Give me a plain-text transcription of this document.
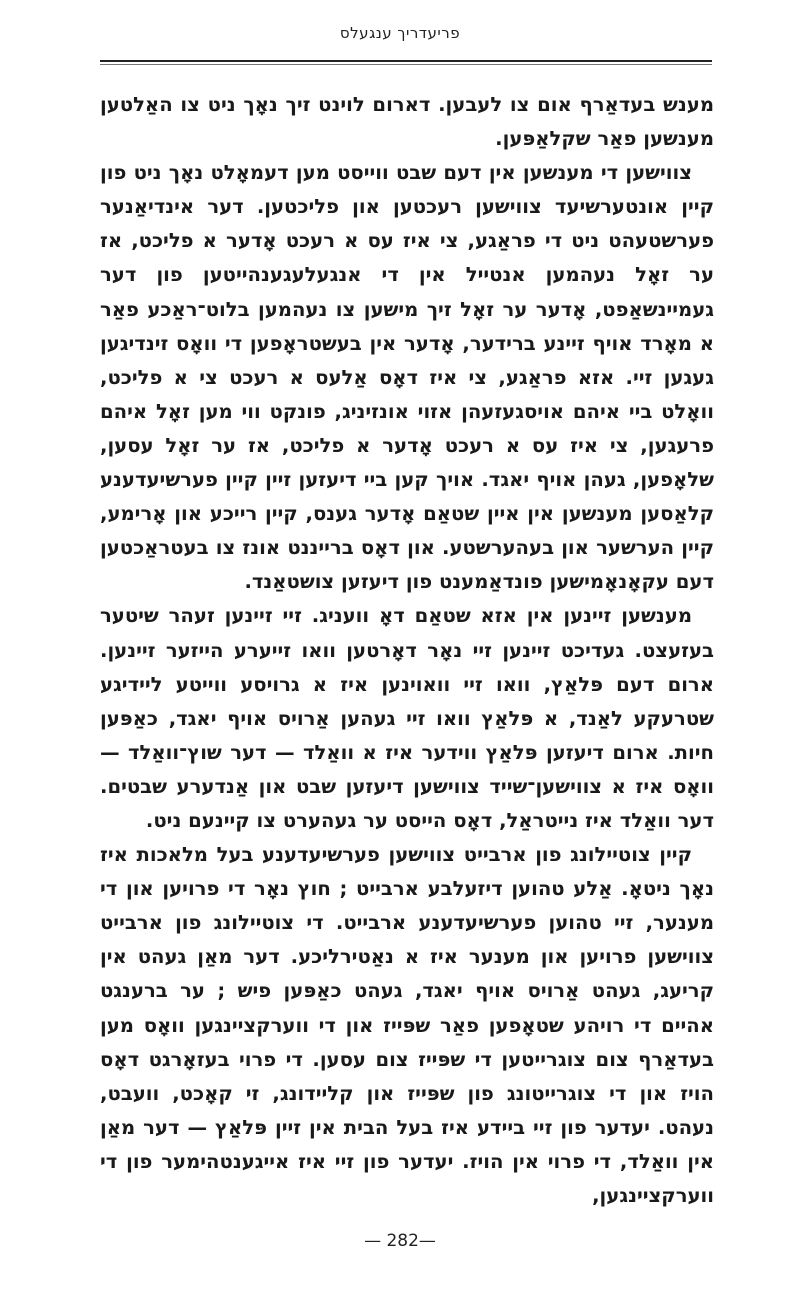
פריעדריך ענגעלס

מענש בעדאַרף אום צו לעבען. דארום לוינט זיך נאָך ניט צו האַלטען מענשען פאַר שקלאַפּען.

צווישען די מענשען אין דעם שבט ווייסט מען דעמאָלט נאָך ניט פון קיין אונטערשיעד צווישען רעכטען און פליכטען. דער אינדיאַנער פערשטעהט ניט די פראַגע, צי איז עס א רעכט אָדער א פליכט, אז ער זאָל נעהמען אנטייל אין די אנגעלעגענהייטען פון דער געמיינשאַפט, אָדער ער זאָל זיך מישען צו נעהמען בלוט־ראַכע פאַר א מאָרד אויף זיינע ברידער, אָדער אין בעשטראָפען די וואָס זינדיגען געגען זיי. אזא פראַגע, צי איז דאָס אַלעס א רעכט צי א פליכט, וואָלט ביי איהם אויסגעזעהן אזוי אונזיניג, פונקט ווי מען זאָל איהם פרעגען, צי איז עס א רעכט אָדער א פליכט, אז ער זאָל עסען, שלאָפען, געהן אויף יאגד. אויך קען ביי דיעזען זיין קיין פערשיעדענע קלאַסען מענשען אין איין שטאַם אָדער גענס, קיין רייכע און אָרימע, קיין הערשער און בעהערשטע. און דאָס ברייננט אונז צו בעטראַכטען דעם עקאָנאָמישען פונדאַמענט פון דיעזען צושטאַנד.

מענשען זיינען אין אזא שטאַם דאָ וועניג. זיי זיינען זעהר שיטער בעזעצט. געדיכט זיינען זיי נאָר דאָרטען וואו זייערע הייזער זיינען. ארום דעם פּלאַץ, וואו זיי וואוינען איז א גרויסע ווייטע ליידיגע שטרעקע לאַנד, א פּלאַץ וואו זיי געהען אַרויס אויף יאגד, כאַפּען חיות. ארום דיעזען פּלאַץ ווידער איז א וואַלד — דער שוץ־וואַלד — וואָס איז א צווישען־שייד צווישען דיעזען שבט און אַנדערע שבטים. דער וואַלד איז נייטראַל, דאָס הייסט ער געהערט צו קיינעם ניט.

קיין צוטיילונג פון ארבייט צווישען פערשיעדענע בעל מלאכות איז נאָך ניטאָ. אַלע טהוען דיזעלבע ארבייט ; חוץ נאָר די פרויען און די מענער, זיי טהוען פערשיעדענע ארבייט. די צוטיילונג פון ארבייט צווישען פרויען און מענער איז א נאַטירליכע. דער מאַן געהט אין קריעג, געהט אַרויס אויף יאגד, געהט כאַפּען פיש ; ער ברענגט אהיים די רויהע שטאָפען פאַר שפּייז און די ווערקציינגען וואָס מען בעדאַרף צום צוגרייטען די שפּייז צום עסען. די פרוי בעזאָרגט דאָס הויז און די צוגרייטונג פון שפּייז און קליידונג, זי קאָכט, וועבט, נעהט. יעדער פון זיי ביידע איז בעל הבית אין זיין פּלאַץ — דער מאַן אין וואַלד, די פרוי אין הויז. יעדער פון זיי איז אייגענטהימער פון די ווערקציינגען,

— 282—
